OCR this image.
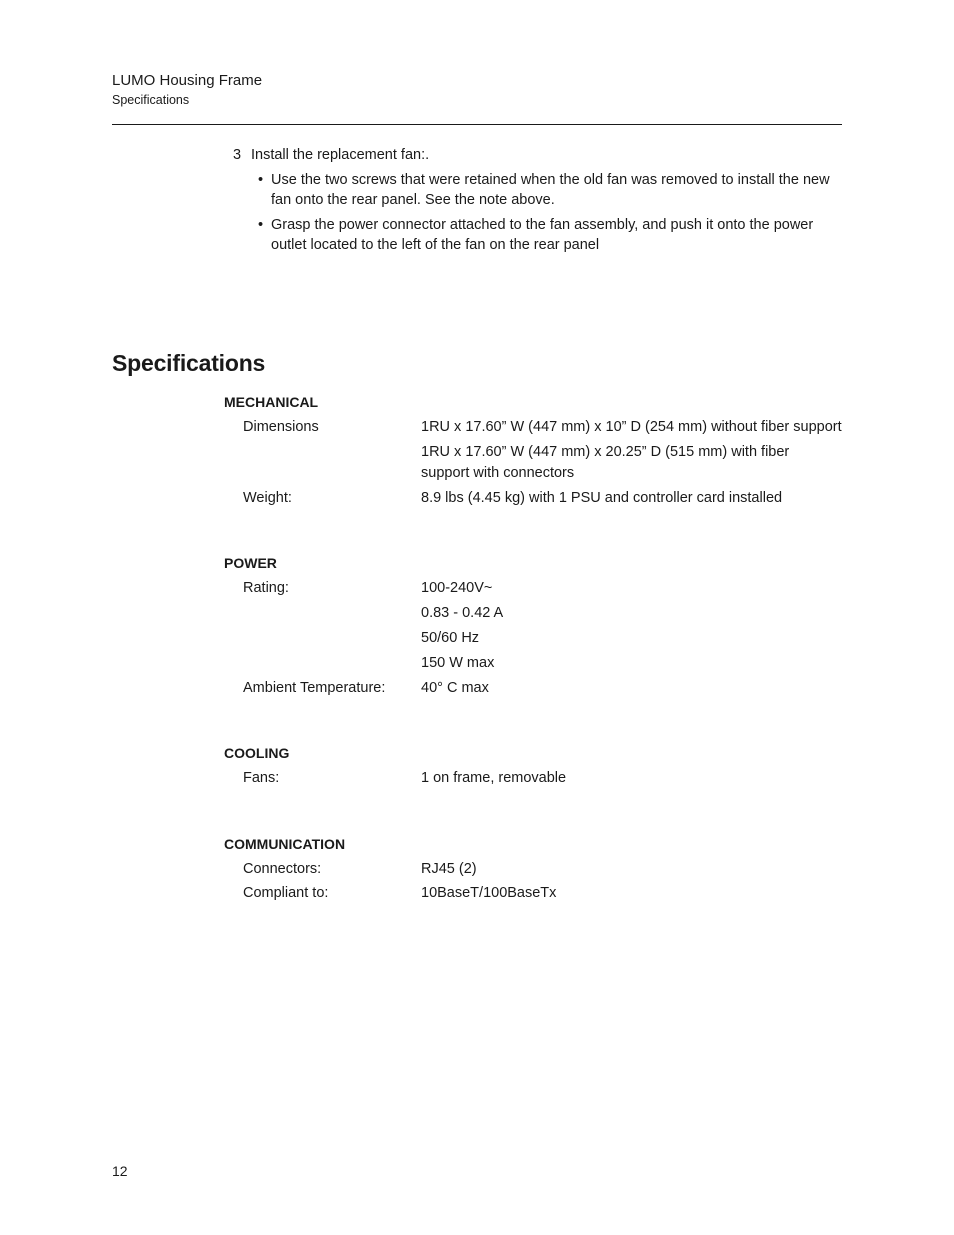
LUMO Housing Frame
Specifications
3 Install the replacement fan:.
• Use the two screws that were retained when the old fan was removed to install the new fan onto the rear panel. See the note above.
• Grasp the power connector attached to the fan assembly, and push it onto the power outlet located to the left of the fan on the rear panel
Specifications
MECHANICAL
Dimensions	1RU x 17.60” W (447 mm) x 10” D (254 mm) without fiber support
1RU x 17.60” W (447 mm) x 20.25” D (515 mm) with fiber support with connectors
Weight:	8.9 lbs (4.45 kg) with 1 PSU and controller card installed
POWER
Rating:	100-240V~
0.83 - 0.42 A
50/60 Hz
150 W max
Ambient Temperature: 40° C max
COOLING
Fans:	1 on frame, removable
COMMUNICATION
Connectors:	RJ45 (2)
Compliant to:	10BaseT/100BaseTx
12
